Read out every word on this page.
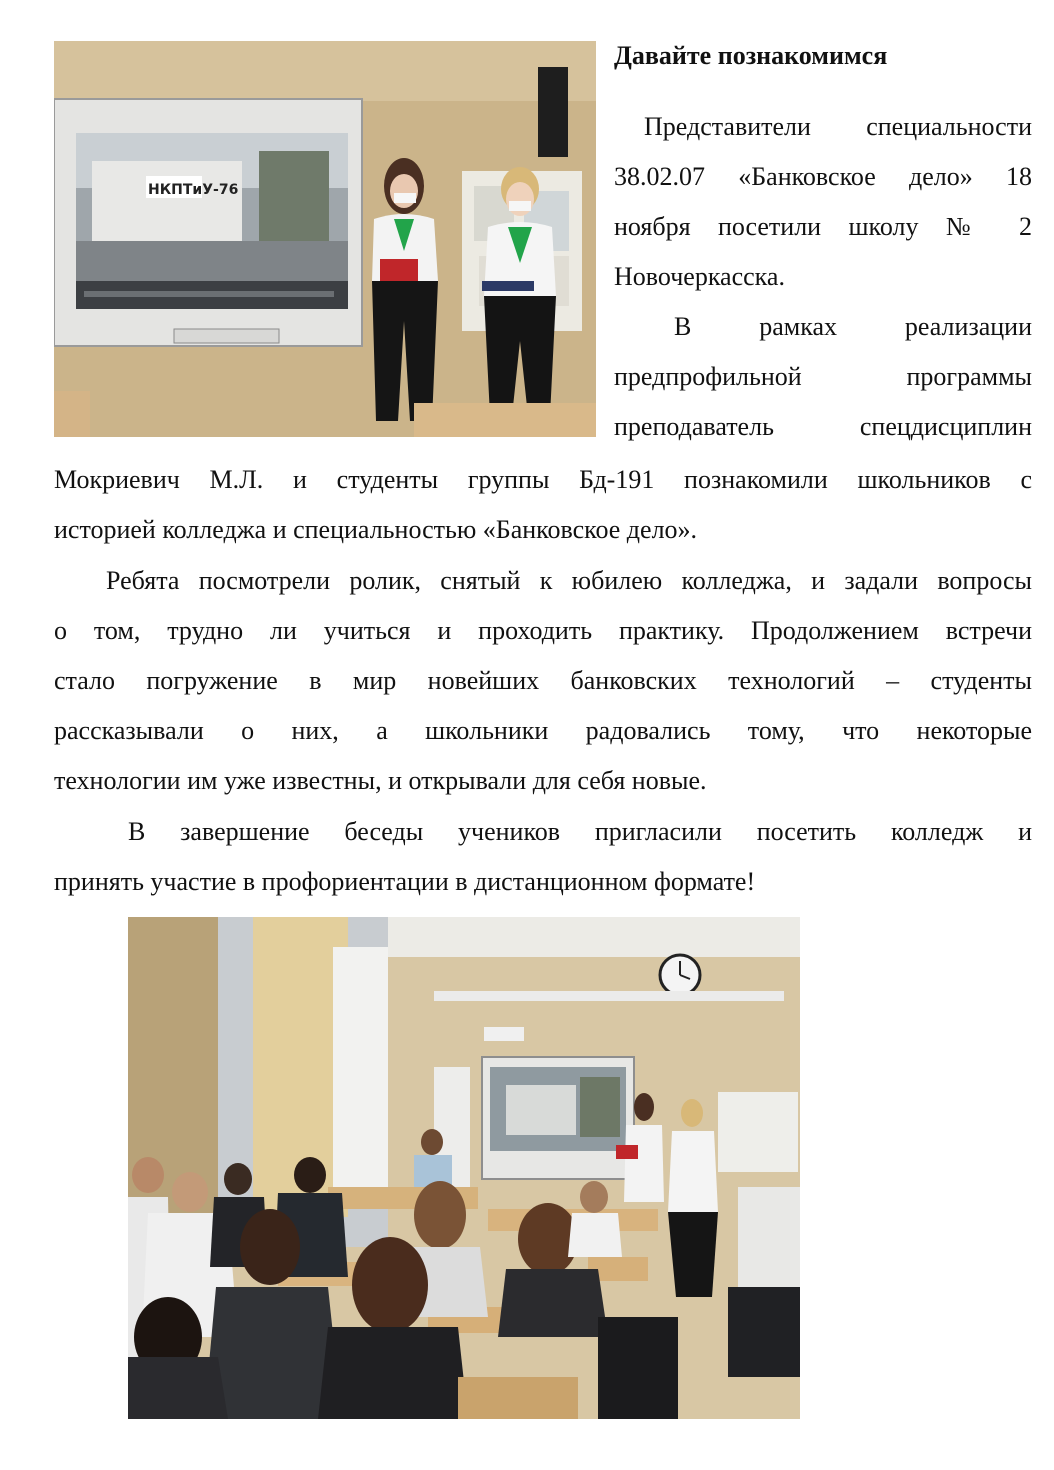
НКПТиУ-76
Давайте познакомимся
Представители специальности
38.02.07 «Банковское дело» 18
ноября посетили школу № 2
Новочеркасска.
В рамках реализации
предпрофильной программы
преподаватель спецдисциплин
Мокриевич М.Л. и студенты группы Бд-191 познакомили школьников с
историей колледжа и специальностью «Банковское дело».
Ребята посмотрели ролик, снятый к юбилею колледжа, и задали вопросы
о том, трудно ли учиться и проходить практику. Продолжением встречи
стало погружение в мир новейших банковских технологий – студенты
рассказывали о них, а школьники радовались тому, что некоторые
технологии им уже известны, и открывали для себя новые.
В завершение беседы учеников пригласили посетить колледж и
принять участие в профориентации в дистанционном формате!
